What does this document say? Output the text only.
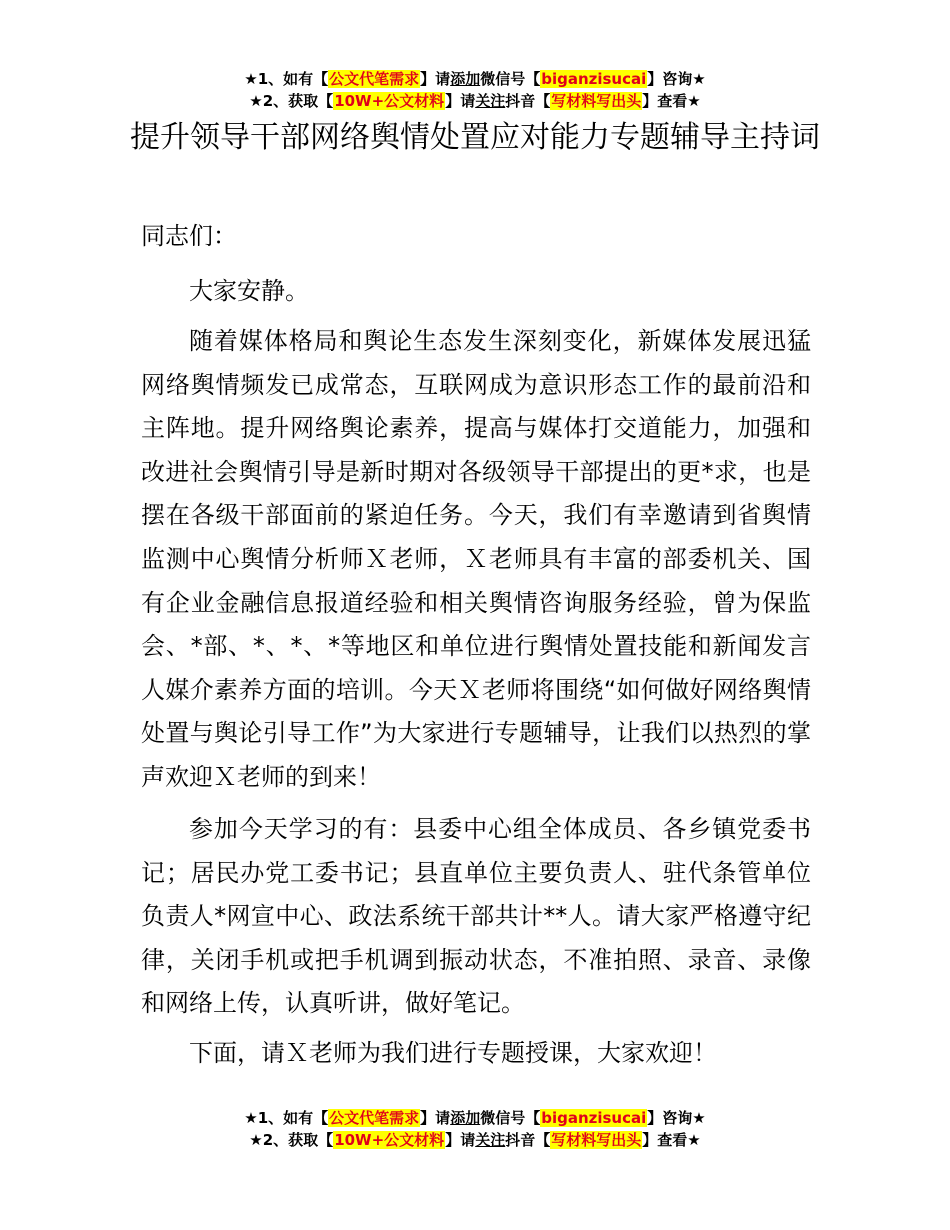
★1、如有【公文代笔需求】请添加微信号【biganzisucai】咨询★
★2、获取【10W+公文材料】请关注抖音【写材料写出头】查看★
提升领导干部网络舆情处置应对能力专题辅导主持词

同志们：

大家安静。

随着媒体格局和舆论生态发生深刻变化，新媒体发展迅猛网络舆情频发已成常态，互联网成为意识形态工作的最前沿和主阵地。提升网络舆论素养，提高与媒体打交道能力，加强和改进社会舆情引导是新时期对各级领导干部提出的更*求，也是摆在各级干部面前的紧迫任务。今天，我们有幸邀请到省舆情监测中心舆情分析师Ｘ老师，Ｘ老师具有丰富的部委机关、国有企业金融信息报道经验和相关舆情咨询服务经验，曾为保监会、*部、*、*、*等地区和单位进行舆情处置技能和新闻发言人媒介素养方面的培训。今天Ｘ老师将围绕“如何做好网络舆情处置与舆论引导工作”为大家进行专题辅导，让我们以热烈的掌声欢迎Ｘ老师的到来！

参加今天学习的有：县委中心组全体成员、各乡镇党委书记；居民办党工委书记；县直单位主要负责人、驻代条管单位负责人*网宣中心、政法系统干部共计**人。请大家严格遵守纪律，关闭手机或把手机调到振动状态，不准拍照、录音、录像和网络上传，认真听讲，做好笔记。

下面，请Ｘ老师为我们进行专题授课，大家欢迎！

★1、如有【公文代笔需求】请添加微信号【biganzisucai】咨询★
★2、获取【10W+公文材料】请关注抖音【写材料写出头】查看★
